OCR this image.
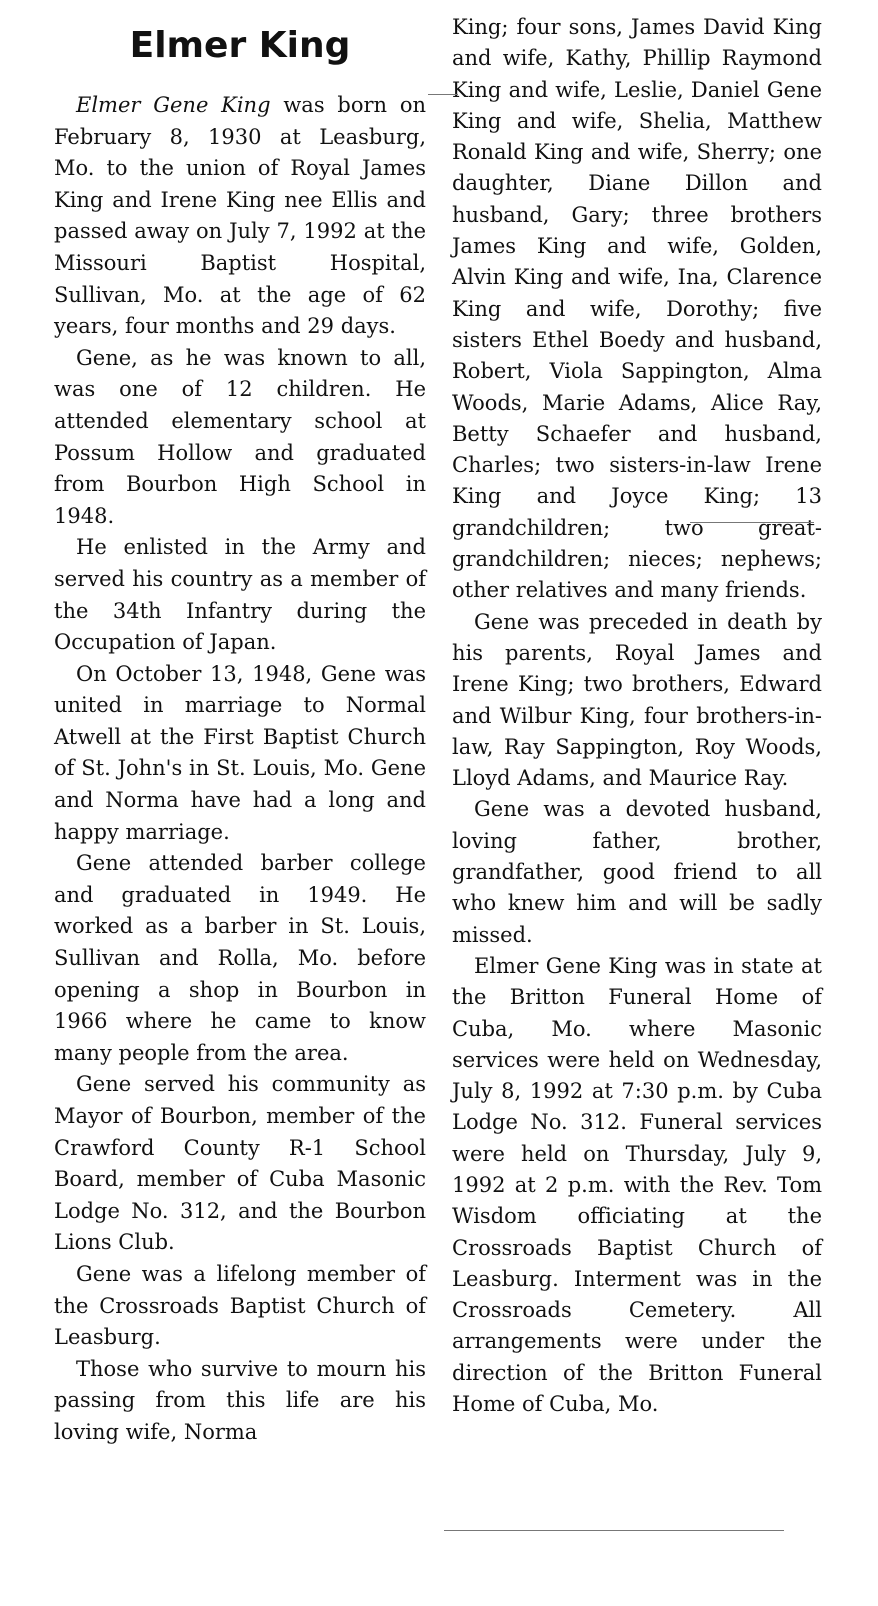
Elmer King

Elmer Gene King was born on February 8, 1930 at Leasburg, Mo. to the union of Royal James King and Irene King nee Ellis and passed away on July 7, 1992 at the Missouri Baptist Hospital, Sullivan, Mo. at the age of 62 years, four months and 29 days.

Gene, as he was known to all, was one of 12 children. He attended elementary school at Possum Hollow and graduated from Bourbon High School in 1948.

He enlisted in the Army and served his country as a member of the 34th Infantry during the Occupation of Japan.

On October 13, 1948, Gene was united in marriage to Normal Atwell at the First Baptist Church of St. John's in St. Louis, Mo. Gene and Norma have had a long and happy marriage.

Gene attended barber college and graduated in 1949. He worked as a barber in St. Louis, Sullivan and Rolla, Mo. before opening a shop in Bourbon in 1966 where he came to know many people from the area.

Gene served his community as Mayor of Bourbon, member of the Crawford County R-1 School Board, member of Cuba Masonic Lodge No. 312, and the Bourbon Lions Club.

Gene was a lifelong member of the Crossroads Baptist Church of Leasburg.

Those who survive to mourn his passing from this life are his loving wife, Norma

King; four sons, James David King and wife, Kathy, Phillip Raymond King and wife, Leslie, Daniel Gene King and wife, Shelia, Matthew Ronald King and wife, Sherry; one daughter, Diane Dillon and husband, Gary; three brothers James King and wife, Golden, Alvin King and wife, Ina, Clarence King and wife, Dorothy; five sisters Ethel Boedy and husband, Robert, Viola Sappington, Alma Woods, Marie Adams, Alice Ray, Betty Schaefer and husband, Charles; two sisters-in-law Irene King and Joyce King; 13 grandchildren; two great-grandchildren; nieces; nephews; other relatives and many friends.

Gene was preceded in death by his parents, Royal James and Irene King; two brothers, Edward and Wilbur King, four brothers-in-law, Ray Sappington, Roy Woods, Lloyd Adams, and Maurice Ray.

Gene was a devoted husband, loving father, brother, grandfather, good friend to all who knew him and will be sadly missed.

Elmer Gene King was in state at the Britton Funeral Home of Cuba, Mo. where Masonic services were held on Wednesday, July 8, 1992 at 7:30 p.m. by Cuba Lodge No. 312. Funeral services were held on Thursday, July 9, 1992 at 2 p.m. with the Rev. Tom Wisdom officiating at the Crossroads Baptist Church of Leasburg. Interment was in the Crossroads Cemetery. All arrangements were under the direction of the Britton Funeral Home of Cuba, Mo.
